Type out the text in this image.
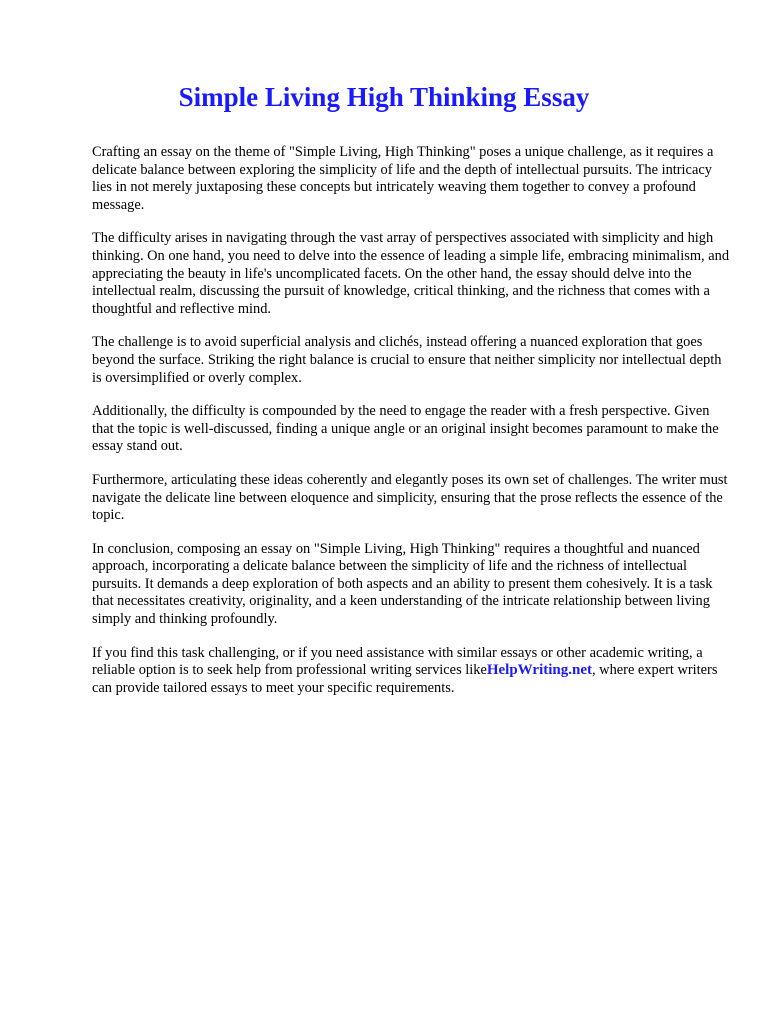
Simple Living High Thinking Essay

Crafting an essay on the theme of "Simple Living, High Thinking" poses a unique challenge, as it requires a delicate balance between exploring the simplicity of life and the depth of intellectual pursuits. The intricacy lies in not merely juxtaposing these concepts but intricately weaving them together to convey a profound message.

The difficulty arises in navigating through the vast array of perspectives associated with simplicity and high thinking. On one hand, you need to delve into the essence of leading a simple life, embracing minimalism, and appreciating the beauty in life's uncomplicated facets. On the other hand, the essay should delve into the intellectual realm, discussing the pursuit of knowledge, critical thinking, and the richness that comes with a thoughtful and reflective mind.

The challenge is to avoid superficial analysis and clichés, instead offering a nuanced exploration that goes beyond the surface. Striking the right balance is crucial to ensure that neither simplicity nor intellectual depth is oversimplified or overly complex.

Additionally, the difficulty is compounded by the need to engage the reader with a fresh perspective. Given that the topic is well-discussed, finding a unique angle or an original insight becomes paramount to make the essay stand out.

Furthermore, articulating these ideas coherently and elegantly poses its own set of challenges. The writer must navigate the delicate line between eloquence and simplicity, ensuring that the prose reflects the essence of the topic.

In conclusion, composing an essay on "Simple Living, High Thinking" requires a thoughtful and nuanced approach, incorporating a delicate balance between the simplicity of life and the richness of intellectual pursuits. It demands a deep exploration of both aspects and an ability to present them cohesively. It is a task that necessitates creativity, originality, and a keen understanding of the intricate relationship between living simply and thinking profoundly.

If you find this task challenging, or if you need assistance with similar essays or other academic writing, a reliable option is to seek help from professional writing services likeHelpWriting.net, where expert writers can provide tailored essays to meet your specific requirements.
